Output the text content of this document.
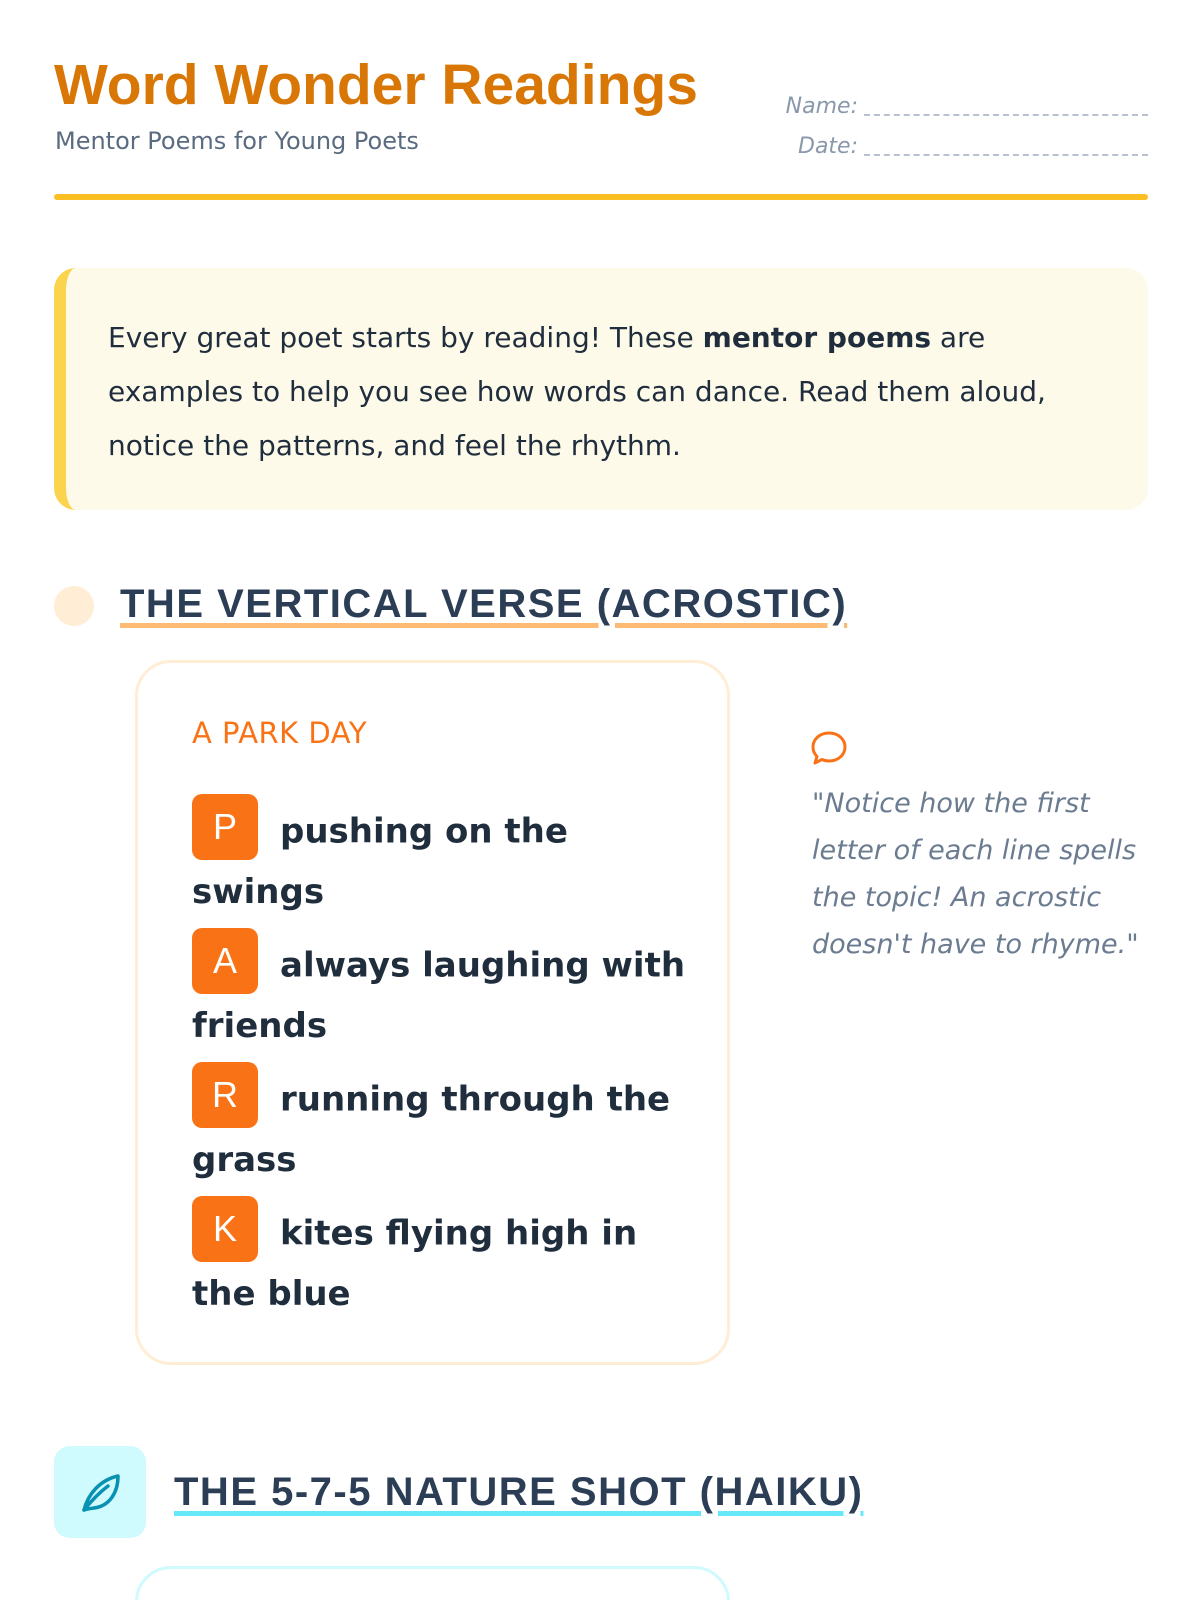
Word Wonder Readings
Mentor Poems for Young Poets
Name:
Date:
Every great poet starts by reading! These mentor poems are examples to help you see how words can dance. Read them aloud, notice the patterns, and feel the rhythm.
THE VERTICAL VERSE (ACROSTIC)
A PARK DAY
P pushing on the swings
A always laughing with friends
R running through the grass
K kites flying high in the blue
"Notice how the first letter of each line spells the topic! An acrostic doesn't have to rhyme."
THE 5-7-5 NATURE SHOT (HAIKU)
